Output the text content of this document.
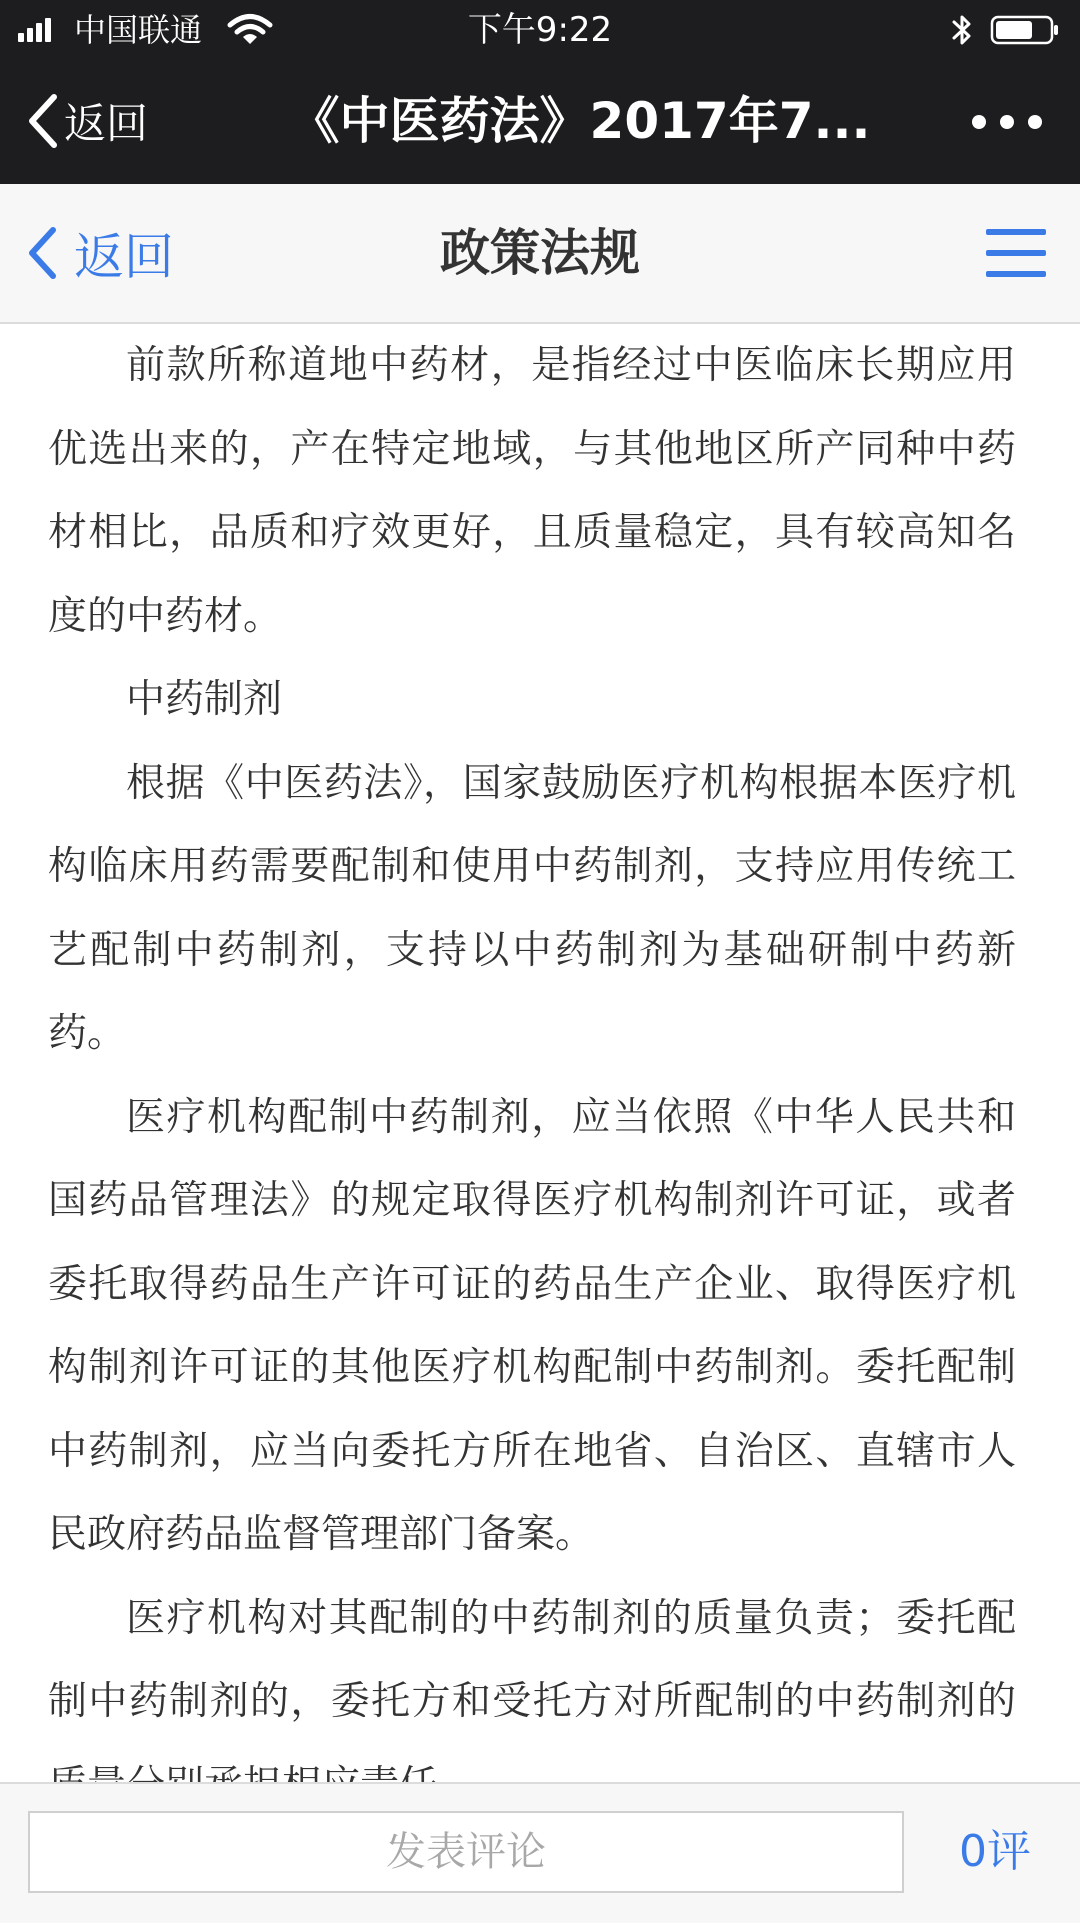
中国联通	下午9:22
返回	《中医药法》2017年7...
返回	政策法规

前款所称道地中药材，是指经过中医临床长期应用优选出来的，产在特定地域，与其他地区所产同种中药材相比，品质和疗效更好，且质量稳定，具有较高知名度的中药材。

中药制剂

根据《中医药法》，国家鼓励医疗机构根据本医疗机构临床用药需要配制和使用中药制剂，支持应用传统工艺配制中药制剂，支持以中药制剂为基础研制中药新药。

医疗机构配制中药制剂，应当依照《中华人民共和国药品管理法》的规定取得医疗机构制剂许可证，或者委托取得药品生产许可证的药品生产企业、取得医疗机构制剂许可证的其他医疗机构配制中药制剂。委托配制中药制剂，应当向委托方所在地省、自治区、直辖市人民政府药品监督管理部门备案。

医疗机构对其配制的中药制剂的质量负责；委托配制中药制剂的，委托方和受托方对所配制的中药制剂的

发表评论	0评
